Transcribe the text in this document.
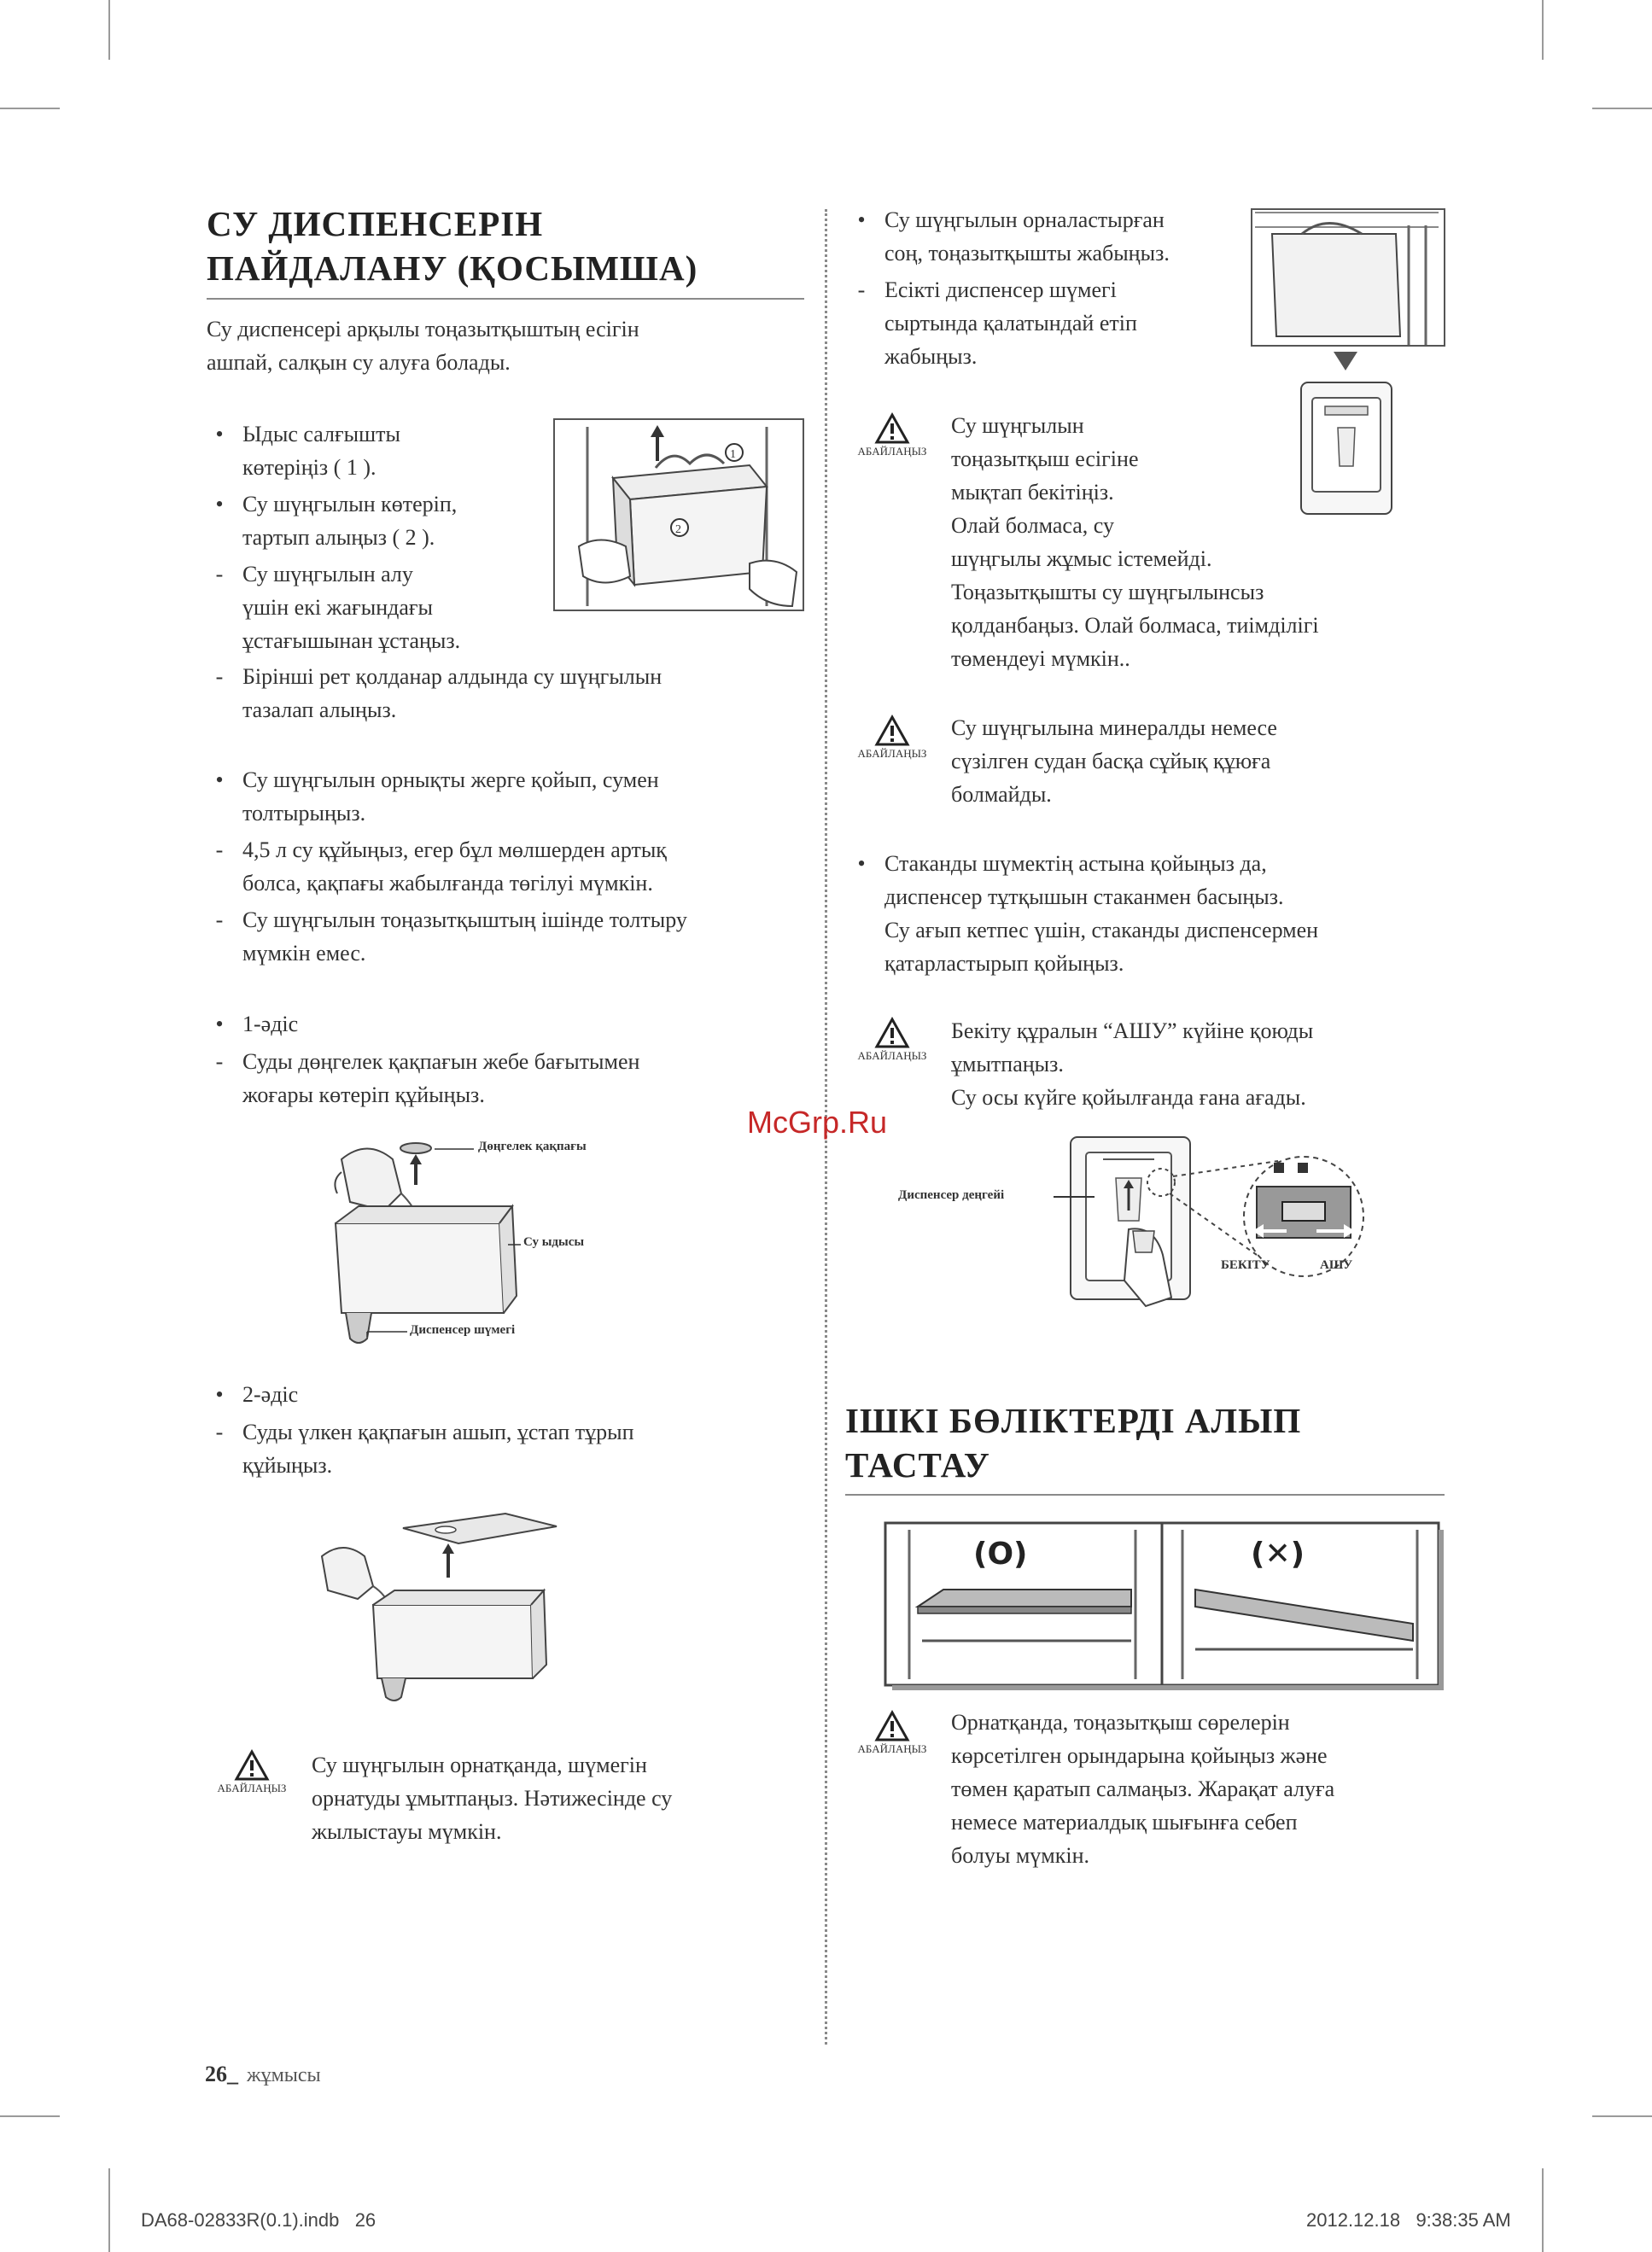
СУ ДИСПЕНСЕРІН
ПАЙДАЛАНУ (ҚОСЫМША)
Су диспенсері арқылы тоңазытқыштың есігін
ашпай, салқын су алуға болады.
• Ыдыс салғышты
көтеріңіз ( 1 ).
• Су шүңгылын көтеріп,
тартып алыңыз ( 2 ).
- Су шүңгылын алу
үшін екі жағындағы
ұстағышынан ұстаңыз.
- Бірінші рет қолданар алдында су шүңгылын
тазалап алыңыз.
• Су шүңгылын орнықты жерге қойып, сумен
толтырыңыз.
- 4,5 л су құйыңыз, егер бұл мөлшерден артық
болса, қақпағы жабылғанда төгілуі мүмкін.
- Су шүңгылын тоңазытқыштың ішінде толтыру
мүмкін емес.
• 1-әдіс
- Суды дөңгелек қақпағын жебе бағытымен
жоғары көтеріп құйыңыз.
1
2
Дөңгелек қақпағы
Су ыдысы
Диспенсер шүмегі
• 2-әдіс
- Суды үлкен қақпағын ашып, ұстап тұрып
құйыңыз.
АБАЙЛАҢЫЗ
Су шүңгылын орнатқанда, шүмегін
орнатуды ұмытпаңыз. Нәтижесінде су
жылыстауы мүмкін.
• Су шүңгылын орналастырған
соң, тоңазытқышты жабыңыз.
- Есікті диспенсер шүмегі
сыртында қалатындай етіп
жабыңыз.
АБАЙЛАҢЫЗ
Су шүңгылын
тоңазытқыш есігіне
мықтап бекітіңіз.
Олай болмаса, су
шүңгылы жұмыс істемейді.
Тоңазытқышты су шүңгылынсыз
қолданбаңыз. Олай болмаса, тиімділігі
төмендеуі мүмкін..
АБАЙЛАҢЫЗ
Су шүңгылына минералды немесе
сүзілген судан басқа сұйық құюға
болмайды.
• Стаканды шүмектің астына қойыңыз да,
диспенсер тұтқышын стаканмен басыңыз.
Су ағып кетпес үшін, стаканды диспенсермен
қатарластырып қойыңыз.
АБАЙЛАҢЫЗ
Бекіту құралын “АШУ” күйіне қоюды
ұмытпаңыз.
Су осы күйге қойылғанда ғана ағады.
Диспенсер деңгейі
БЕКІТУ	АШУ
ІШКІ БӨЛІКТЕРДІ АЛЫП
ТАСТАУ
(O)	(✕)
АБАЙЛАҢЫЗ
Орнатқанда, тоңазытқыш сөрелерін
көрсетілген орындарына қойыңыз және
төмен қаратып салмаңыз. Жарақат алуға
немесе материалдық шығынға себеп
болуы мүмкін.
McGrp.Ru
26_ жұмысы
DA68-02833R(0.1).indb   26	2012.12.18   9:38:35 AM
